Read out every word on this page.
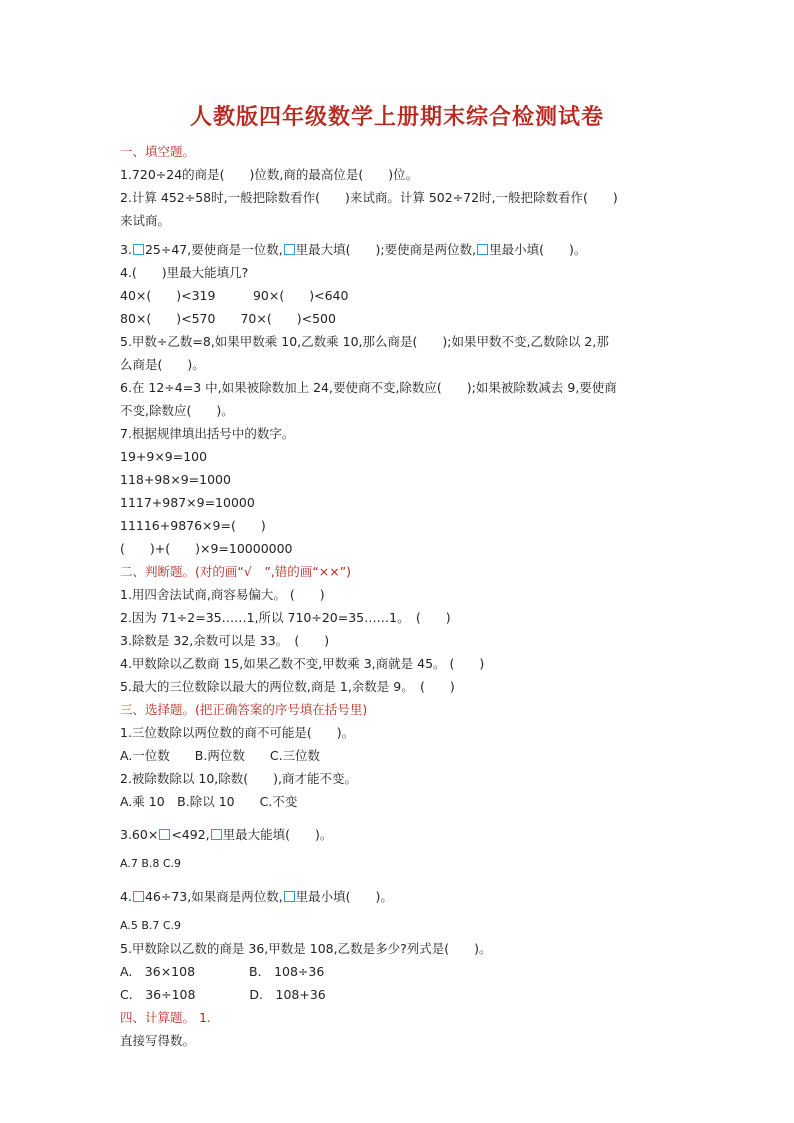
人教版四年级数学上册期末综合检测试卷

一、填空题。

1.720÷24的商是(　　)位数,商的最高位是(　　)位。

2.计算 452÷58时,一般把除数看作(　　)来试商。计算 502÷72时,一般把除数看作(　　)

来试商。

3. 25÷47,要使商是一位数, 里最大填(　　);要使商是两位数, 里最小填(　　)。

4.(　　)里最大能填几?

40×(　　)<319　　　90×(　　)<640

80×(　　)<570　　70×(　　)<500

5.甲数÷乙数=8,如果甲数乘 10,乙数乘 10,那么商是(　　);如果甲数不变,乙数除以 2,那

么商是(　　)。

6.在 12÷4=3 中,如果被除数加上 24,要使商不变,除数应(　　);如果被除数减去 9,要使商

不变,除数应(　　)。

7.根据规律填出括号中的数字。

19+9×9=100

118+98×9=1000

1117+987×9=10000

11116+9876×9=(　　)

(　　)+(　　)×9=10000000

二、判断题。(对的画“√　”,错的画“××”)

1.用四舍法试商,商容易偏大。 (　　)

2.因为 71÷2=35……1,所以 710÷20=35……1。　(　　)

3.除数是 32,余数可以是 33。　(　　)

4.甲数除以乙数商 15,如果乙数不变,甲数乘 3,商就是 45。 (　　)

5.最大的三位数除以最大的两位数,商是 1,余数是 9。　(　　)

三、选择题。(把正确答案的序号填在括号里)

1.三位数除以两位数的商不可能是(　　)。

A.一位数　　B.两位数　　C.三位数

2.被除数除以 10,除数(　　),商才能不变。

A.乘 10　B.除以 10　　C.不变

3.60× <492, 里最大能填(　　)。

A.7 B.8 C.9

4. 46÷73,如果商是两位数, 里最小填(　　)。

A.5 B.7 C.9

5.甲数除以乙数的商是 36,甲数是 108,乙数是多少?列式是(　　)。

A.　36×108　　　　 B.　108÷36

C.　36÷108　　　　 D.　108+36

四、计算题。 1.

直接写得数。
